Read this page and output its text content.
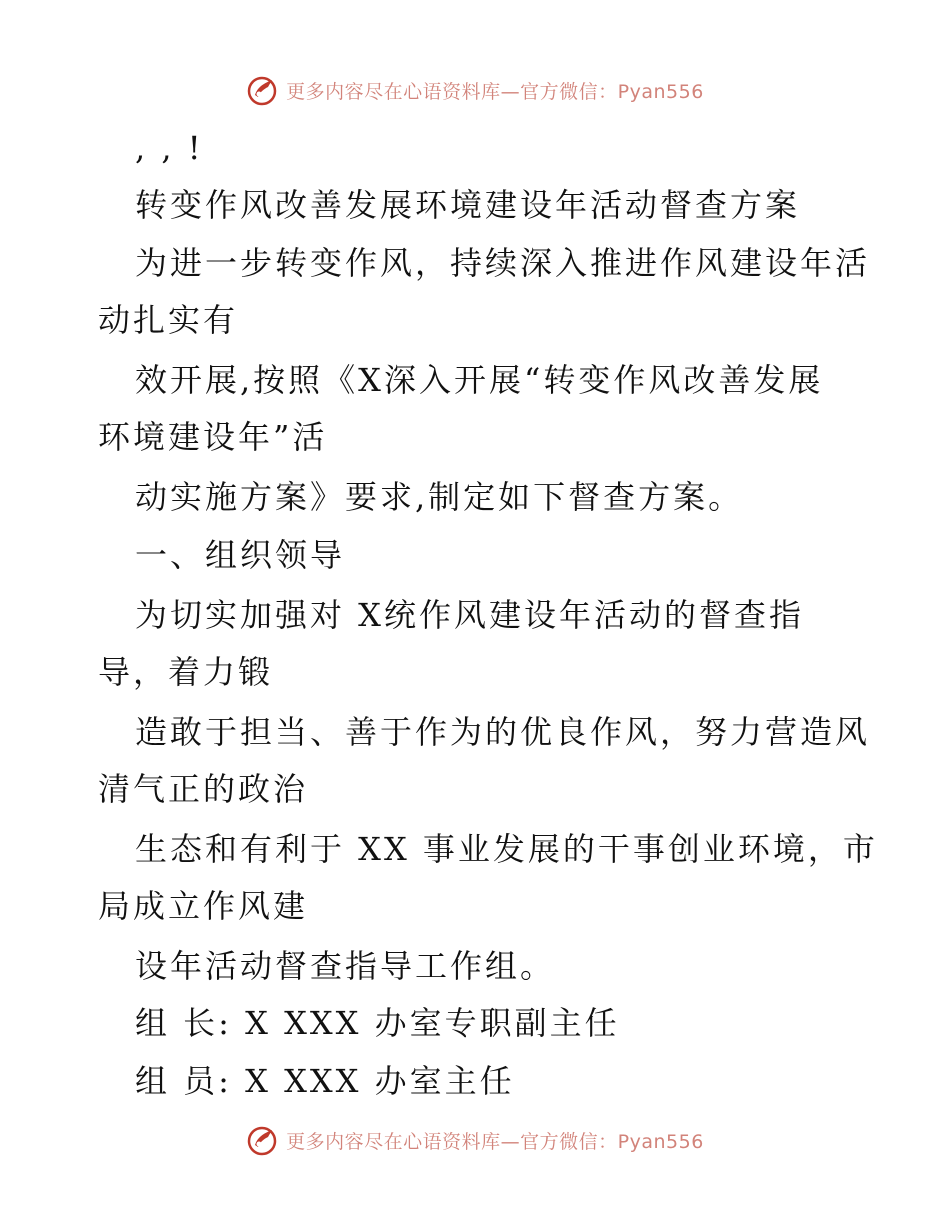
更多内容尽在心语资料库—官方微信：Pyan556
, , !
转变作风改善发展环境建设年活动督查方案
为进一步转变作风，持续深入推进作风建设年活
动扎实有
效开展,按照《X深入开展“转变作风改善发展
环境建设年”活
动实施方案》要求,制定如下督查方案。
一、组织领导
为切实加强对 X统作风建设年活动的督查指
导，着力锻
造敢于担当、善于作为的优良作风，努力营造风
清气正的政治
生态和有利于 XX 事业发展的干事创业环境，市
局成立作风建
设年活动督查指导工作组。
组 长: X XXX 办室专职副主任
组 员: X XXX 办室主任
更多内容尽在心语资料库—官方微信：Pyan556
